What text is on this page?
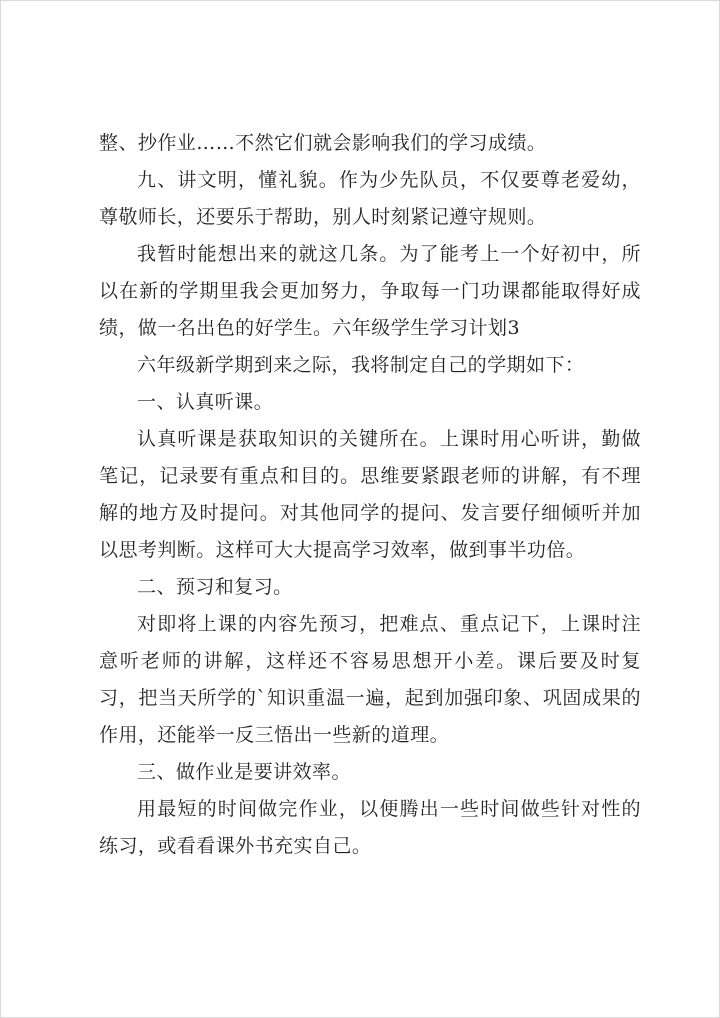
整、抄作业……不然它们就会影响我们的学习成绩。

九、讲文明，懂礼貌。作为少先队员，不仅要尊老爱幼，尊敬师长，还要乐于帮助，别人时刻紧记遵守规则。

我暂时能想出来的就这几条。为了能考上一个好初中，所以在新的学期里我会更加努力，争取每一门功课都能取得好成绩，做一名出色的好学生。六年级学生学习计划3

六年级新学期到来之际，我将制定自己的学期如下：

一、认真听课。

认真听课是获取知识的关键所在。上课时用心听讲，勤做笔记，记录要有重点和目的。思维要紧跟老师的讲解，有不理解的地方及时提问。对其他同学的提问、发言要仔细倾听并加以思考判断。这样可大大提高学习效率，做到事半功倍。

二、预习和复习。

对即将上课的内容先预习，把难点、重点记下，上课时注意听老师的讲解，这样还不容易思想开小差。课后要及时复习，把当天所学的`知识重温一遍，起到加强印象、巩固成果的作用，还能举一反三悟出一些新的道理。

三、做作业是要讲效率。

用最短的时间做完作业，以便腾出一些时间做些针对性的练习，或看看课外书充实自己。
